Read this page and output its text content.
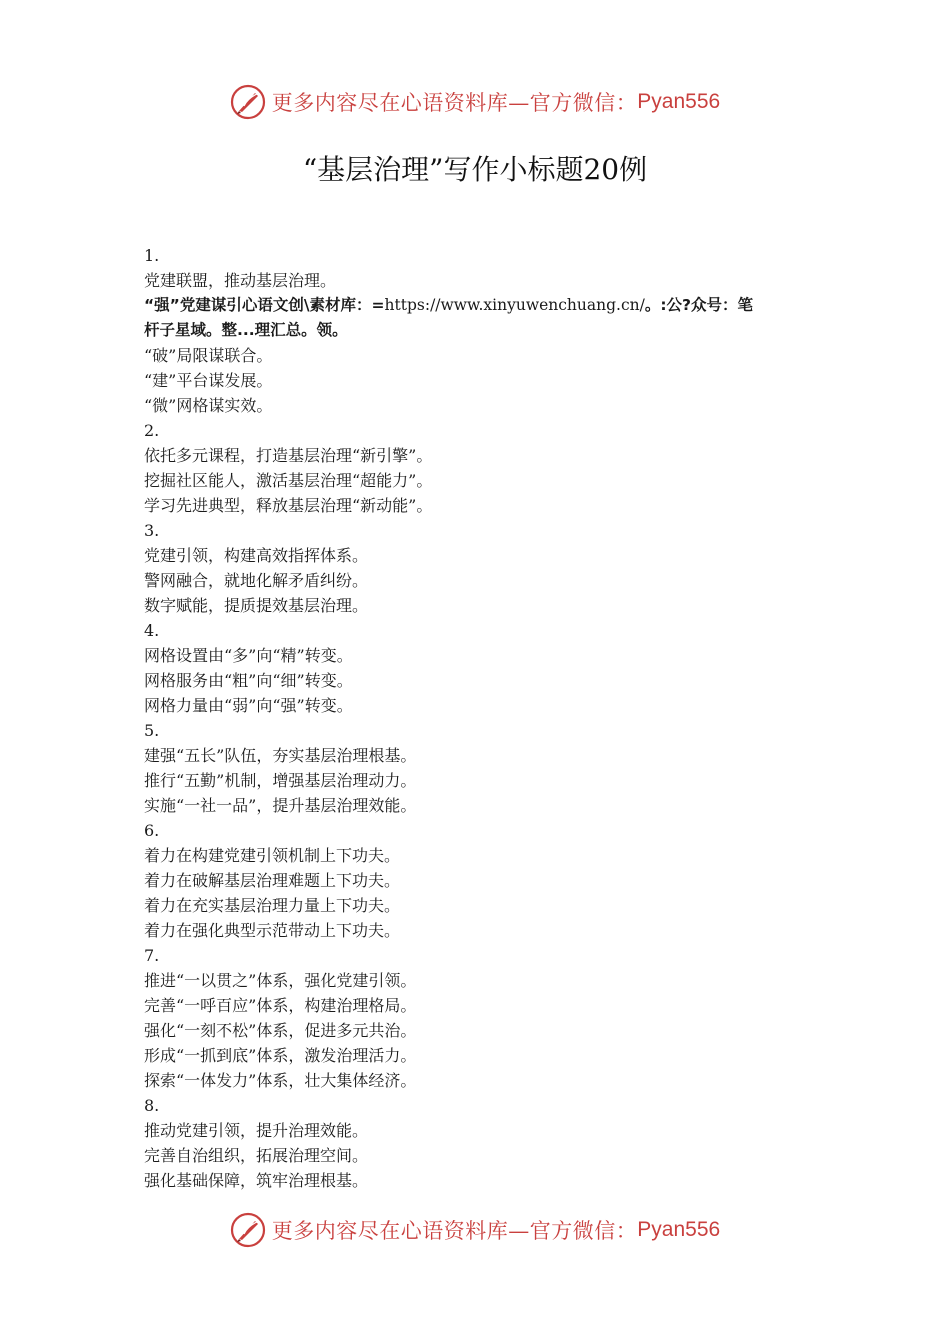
更多内容尽在心语资料库—官方微信： Pyan556
“基层治理”写作小标题20例
1.
党建联盟，推动基层治理。
“强”党建谋引心语文创\素材库：=https://www.xinyuwenchuang.cn/。:公?众号：笔
杆子星域。整...理汇总。领。
“破”局限谋联合。
“建”平台谋发展。
“微”网格谋实效。
2.
依托多元课程，打造基层治理“新引擎”。
挖掘社区能人，激活基层治理“超能力”。
学习先进典型，释放基层治理“新动能”。
3.
党建引领，构建高效指挥体系。
警网融合，就地化解矛盾纠纷。
数字赋能，提质提效基层治理。
4.
网格设置由“多”向“精”转变。
网格服务由“粗”向“细”转变。
网格力量由“弱”向“强”转变。
5.
建强“五长”队伍，夯实基层治理根基。
推行“五勤”机制，增强基层治理动力。
实施“一社一品”，提升基层治理效能。
6.
着力在构建党建引领机制上下功夫。
着力在破解基层治理难题上下功夫。
着力在充实基层治理力量上下功夫。
着力在强化典型示范带动上下功夫。
7.
推进“一以贯之”体系，强化党建引领。
完善“一呼百应”体系，构建治理格局。
强化“一刻不松”体系，促进多元共治。
形成“一抓到底”体系，激发治理活力。
探索“一体发力”体系，壮大集体经济。
8.
推动党建引领，提升治理效能。
完善自治组织，拓展治理空间。
强化基础保障，筑牢治理根基。
更多内容尽在心语资料库—官方微信： Pyan556
